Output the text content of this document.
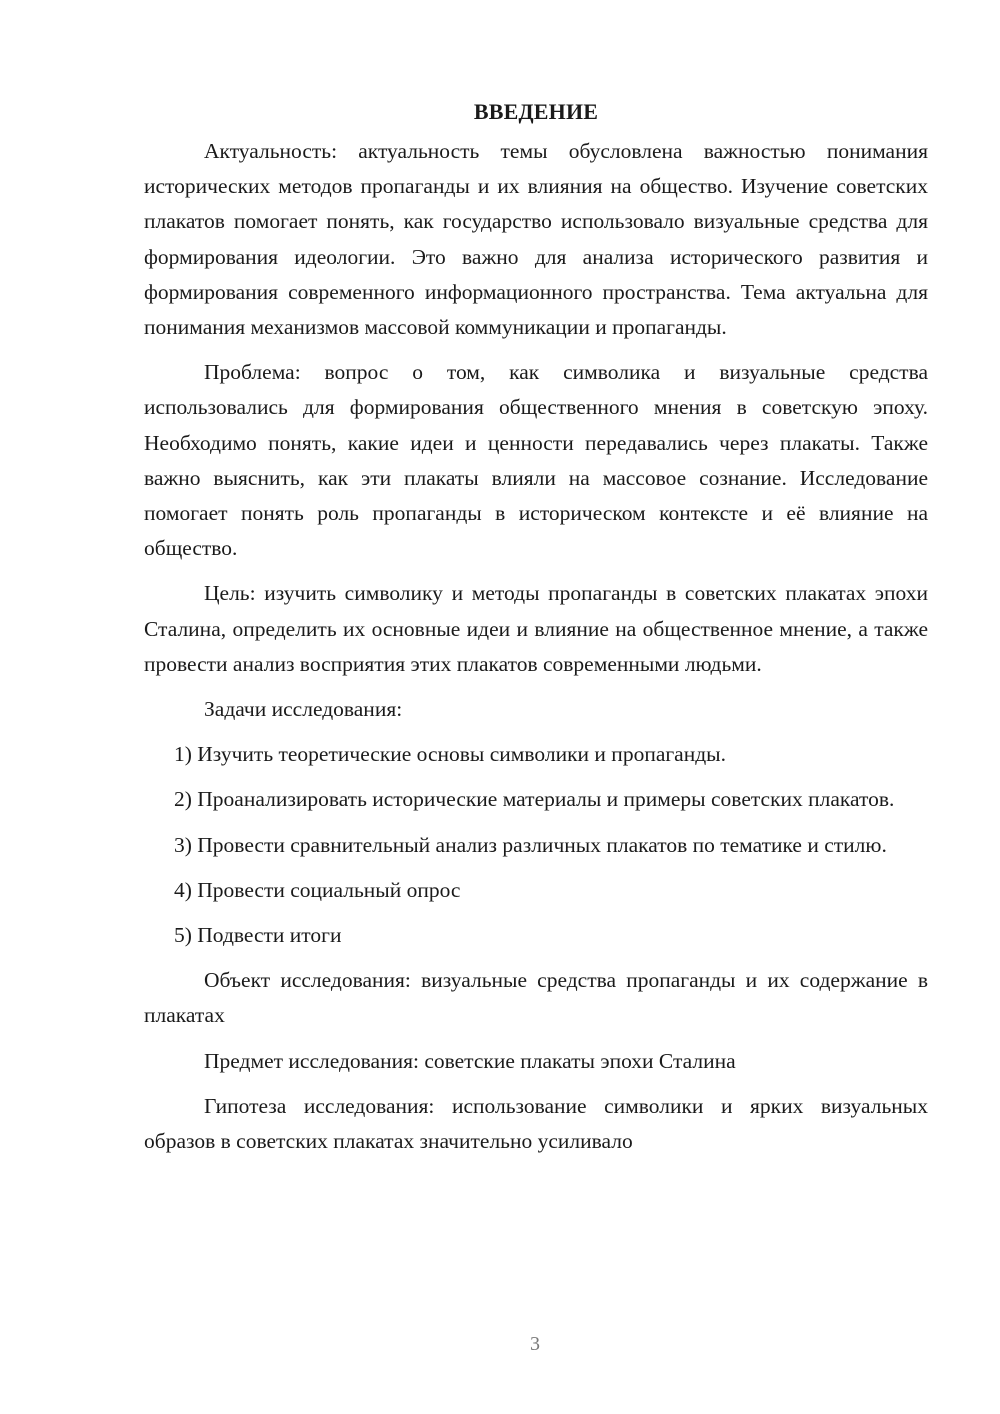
ВВЕДЕНИЕ

Актуальность: актуальность темы обусловлена важностью понимания исторических методов пропаганды и их влияния на общество. Изучение советских плакатов помогает понять, как государство использовало визуальные средства для формирования идеологии. Это важно для анализа исторического развития и формирования современного информационного пространства. Тема актуальна для понимания механизмов массовой коммуникации и пропаганды.

Проблема: вопрос о том, как символика и визуальные средства использовались для формирования общественного мнения в советскую эпоху. Необходимо понять, какие идеи и ценности передавались через плакаты. Также важно выяснить, как эти плакаты влияли на массовое сознание. Исследование помогает понять роль пропаганды в историческом контексте и её влияние на общество.

Цель: изучить символику и методы пропаганды в советских плакатах эпохи Сталина, определить их основные идеи и влияние на общественное мнение, а также провести анализ восприятия этих плакатов современными людьми.

Задачи исследования:

1) Изучить теоретические основы символики и пропаганды.

2) Проанализировать исторические материалы и примеры советских плакатов.

3) Провести сравнительный анализ различных плакатов по тематике и стилю.

4) Провести социальный опрос

5) Подвести итоги

Объект исследования: визуальные средства пропаганды и их содержание в плакатах

Предмет исследования: советские плакаты эпохи Сталина

Гипотеза исследования: использование символики и ярких визуальных образов в советских плакатах значительно усиливало

3
